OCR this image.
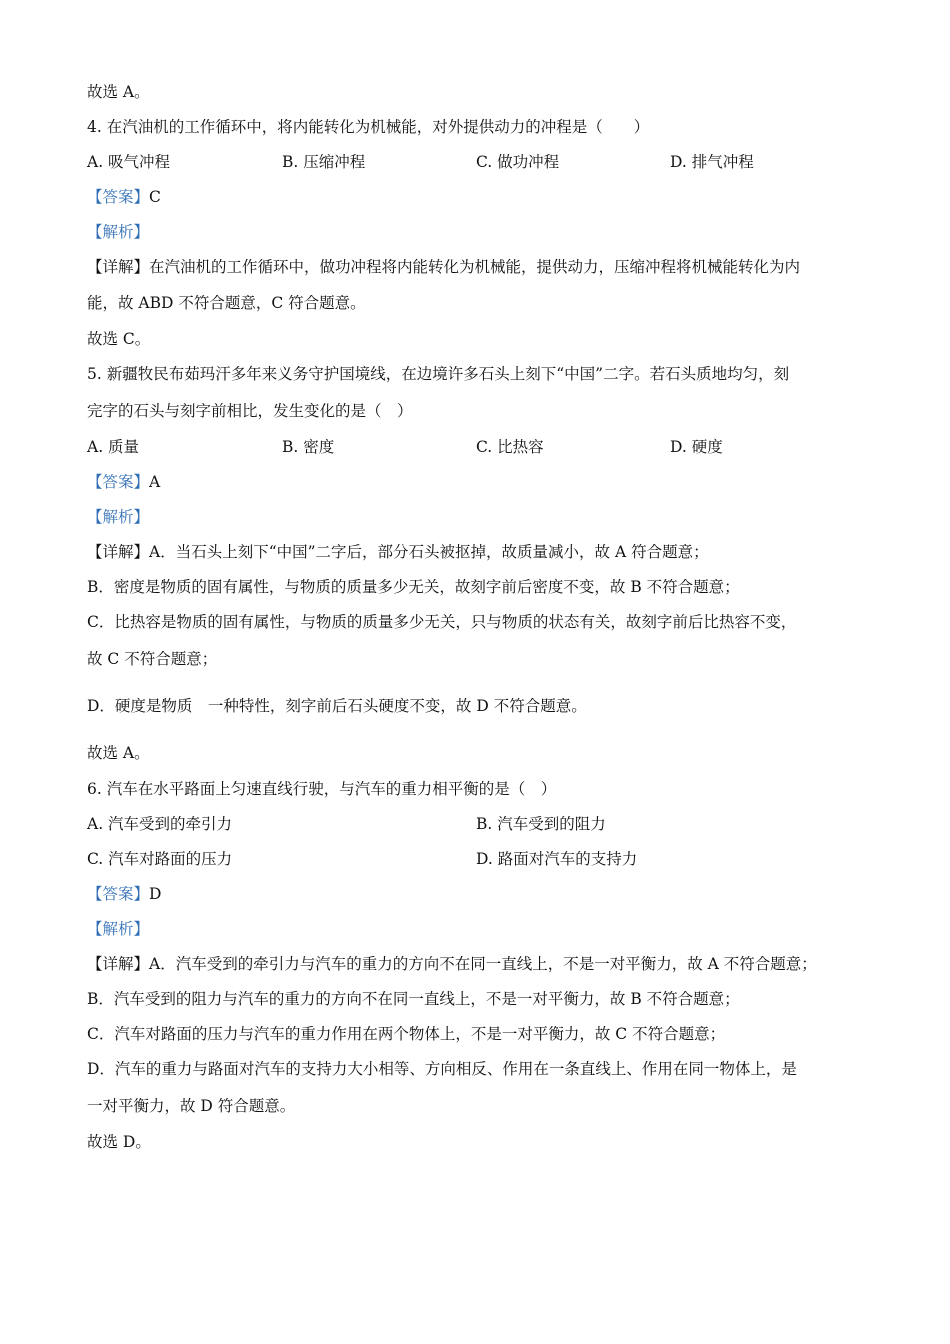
故选 A。
4. 在汽油机的工作循环中，将内能转化为机械能，对外提供动力的冲程是（　　）
A. 吸气冲程	B. 压缩冲程	C. 做功冲程	D. 排气冲程
【答案】C
【解析】
【详解】在汽油机的工作循环中，做功冲程将内能转化为机械能，提供动力，压缩冲程将机械能转化为内
能，故 ABD 不符合题意，C 符合题意。
故选 C。
5. 新疆牧民布茹玛汗多年来义务守护国境线，在边境许多石头上刻下“中国”二字。若石头质地均匀，刻
完字的石头与刻字前相比，发生变化的是（　）
A. 质量	B. 密度	C. 比热容	D. 硬度
【答案】A
【解析】
【详解】A．当石头上刻下“中国”二字后，部分石头被抠掉，故质量减小，故 A 符合题意；
B．密度是物质的固有属性，与物质的质量多少无关，故刻字前后密度不变，故 B 不符合题意；
C．比热容是物质的固有属性，与物质的质量多少无关，只与物质的状态有关，故刻字前后比热容不变，
故 C 不符合题意；
D．硬度是物质　一种特性，刻字前后石头硬度不变，故 D 不符合题意。
故选 A。
6. 汽车在水平路面上匀速直线行驶，与汽车的重力相平衡的是（　）
A. 汽车受到的牵引力	B. 汽车受到的阻力
C. 汽车对路面的压力	D. 路面对汽车的支持力
【答案】D
【解析】
【详解】A．汽车受到的牵引力与汽车的重力的方向不在同一直线上，不是一对平衡力，故 A 不符合题意；
B．汽车受到的阻力与汽车的重力的方向不在同一直线上，不是一对平衡力，故 B 不符合题意；
C．汽车对路面的压力与汽车的重力作用在两个物体上，不是一对平衡力，故 C 不符合题意；
D．汽车的重力与路面对汽车的支持力大小相等、方向相反、作用在一条直线上、作用在同一物体上，是
一对平衡力，故 D 符合题意。
故选 D。
